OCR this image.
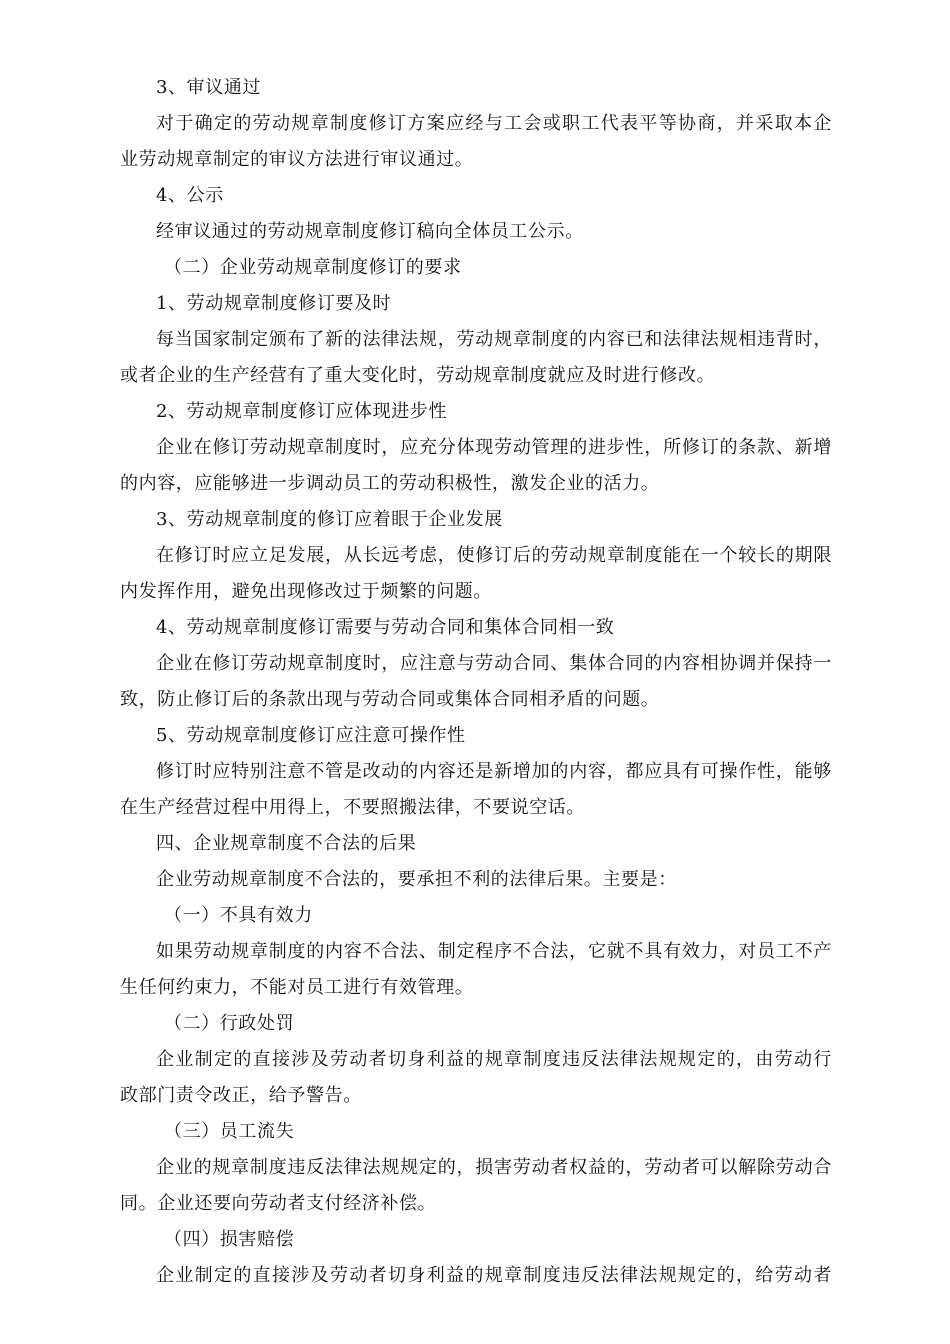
3、审议通过
对于确定的劳动规章制度修订方案应经与工会或职工代表平等协商，并采取本企
业劳动规章制定的审议方法进行审议通过。
4、公示
经审议通过的劳动规章制度修订稿向全体员工公示。
（二）企业劳动规章制度修订的要求
1、劳动规章制度修订要及时
每当国家制定颁布了新的法律法规，劳动规章制度的内容已和法律法规相违背时，
或者企业的生产经营有了重大变化时，劳动规章制度就应及时进行修改。
2、劳动规章制度修订应体现进步性
企业在修订劳动规章制度时，应充分体现劳动管理的进步性，所修订的条款、新增
的内容，应能够进一步调动员工的劳动积极性，激发企业的活力。
3、劳动规章制度的修订应着眼于企业发展
在修订时应立足发展，从长远考虑，使修订后的劳动规章制度能在一个较长的期限
内发挥作用，避免出现修改过于频繁的问题。
4、劳动规章制度修订需要与劳动合同和集体合同相一致
企业在修订劳动规章制度时，应注意与劳动合同、集体合同的内容相协调并保持一
致，防止修订后的条款出现与劳动合同或集体合同相矛盾的问题。
5、劳动规章制度修订应注意可操作性
修订时应特别注意不管是改动的内容还是新增加的内容，都应具有可操作性，能够
在生产经营过程中用得上，不要照搬法律，不要说空话。
四、企业规章制度不合法的后果
企业劳动规章制度不合法的，要承担不利的法律后果。主要是：
（一）不具有效力
如果劳动规章制度的内容不合法、制定程序不合法，它就不具有效力，对员工不产
生任何约束力，不能对员工进行有效管理。
（二）行政处罚
企业制定的直接涉及劳动者切身利益的规章制度违反法律法规规定的，由劳动行
政部门责令改正，给予警告。
（三）员工流失
企业的规章制度违反法律法规规定的，损害劳动者权益的，劳动者可以解除劳动合
同。企业还要向劳动者支付经济补偿。
（四）损害赔偿
企业制定的直接涉及劳动者切身利益的规章制度违反法律法规规定的，给劳动者
